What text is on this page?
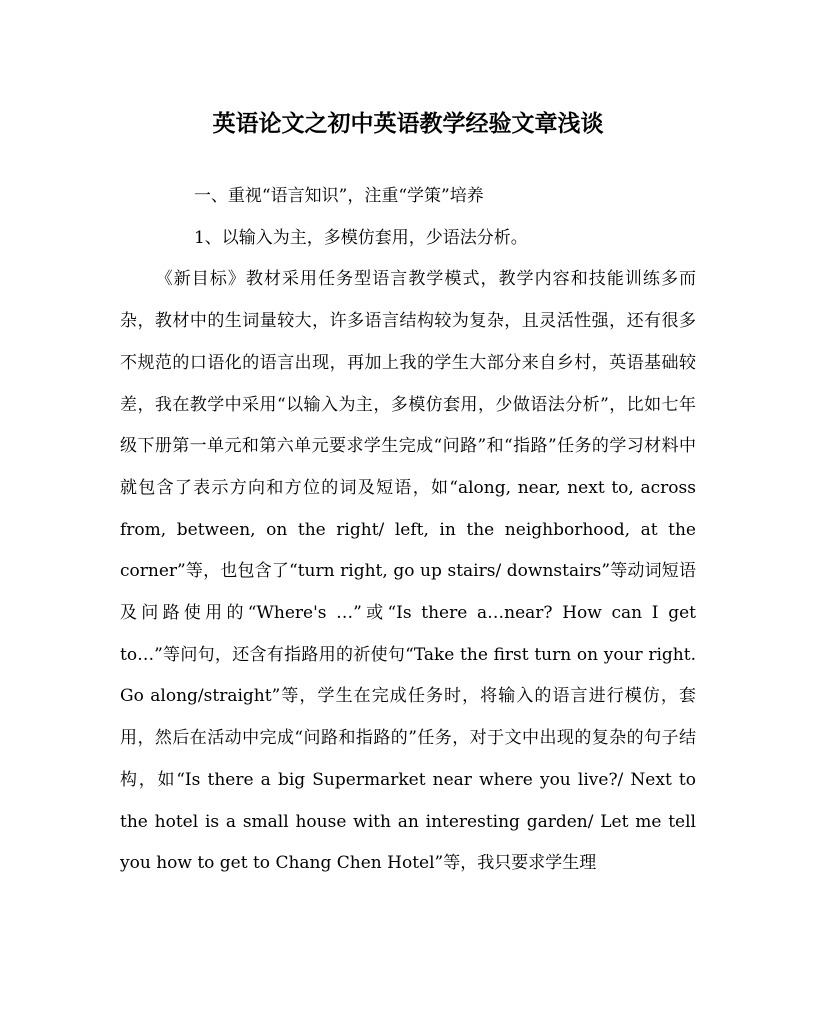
英语论文之初中英语教学经验文章浅谈

一、重视“语言知识”，注重“学策”培养

1、以输入为主，多模仿套用，少语法分析。

《新目标》教材采用任务型语言教学模式，教学内容和技能训练多而杂，教材中的生词量较大，许多语言结构较为复杂，且灵活性强，还有很多不规范的口语化的语言出现，再加上我的学生大部分来自乡村，英语基础较差，我在教学中采用“以输入为主，多模仿套用，少做语法分析”，比如七年级下册第一单元和第六单元要求学生完成“问路”和“指路”任务的学习材料中就包含了表示方向和方位的词及短语，如“along, near, next to, across from, between, on the right/ left, in the neighborhood, at the corner”等，也包含了“turn right, go up stairs/ downstairs”等动词短语及问路使用的“Where's …”或“Is there a…near? How can I get to…”等问句，还含有指路用的祈使句“Take the first turn on your right. Go along/straight”等，学生在完成任务时，将输入的语言进行模仿，套用，然后在活动中完成“问路和指路的”任务，对于文中出现的复杂的句子结构，如“Is there a big Supermarket near where you live?/ Next to the hotel is a small house with an interesting garden/ Let me tell you how to get to Chang Chen Hotel”等，我只要求学生理
